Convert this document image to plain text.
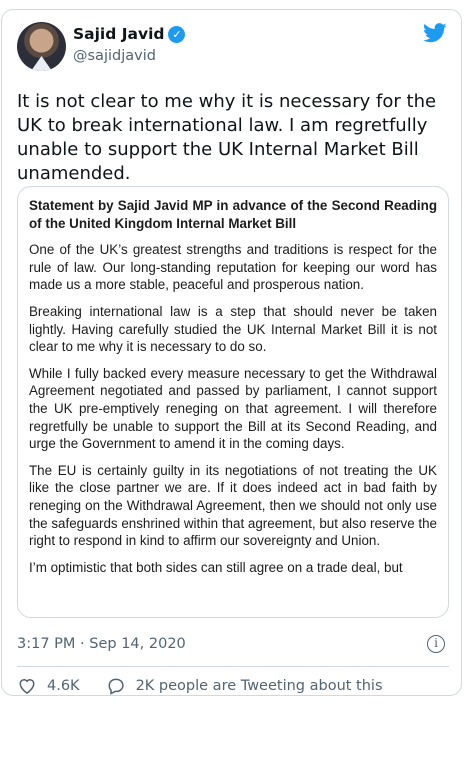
Sajid Javid ✓
@sajidjavid

It is not clear to me why it is necessary for the UK to break international law. I am regretfully unable to support the UK Internal Market Bill unamended.

Statement by Sajid Javid MP in advance of the Second Reading of the United Kingdom Internal Market Bill

One of the UK’s greatest strengths and traditions is respect for the rule of law. Our long-standing reputation for keeping our word has made us a more stable, peaceful and prosperous nation.

Breaking international law is a step that should never be taken lightly. Having carefully studied the UK Internal Market Bill it is not clear to me why it is necessary to do so.

While I fully backed every measure necessary to get the Withdrawal Agreement negotiated and passed by parliament, I cannot support the UK pre-emptively reneging on that agreement. I will therefore regretfully be unable to support the Bill at its Second Reading, and urge the Government to amend it in the coming days.

The EU is certainly guilty in its negotiations of not treating the UK like the close partner we are. If it does indeed act in bad faith by reneging on the Withdrawal Agreement, then we should not only use the safeguards enshrined within that agreement, but also reserve the right to respond in kind to affirm our sovereignty and Union.

I’m optimistic that both sides can still agree on a trade deal, but

3:17 PM · Sep 14, 2020	i
4.6K	2K people are Tweeting about this
